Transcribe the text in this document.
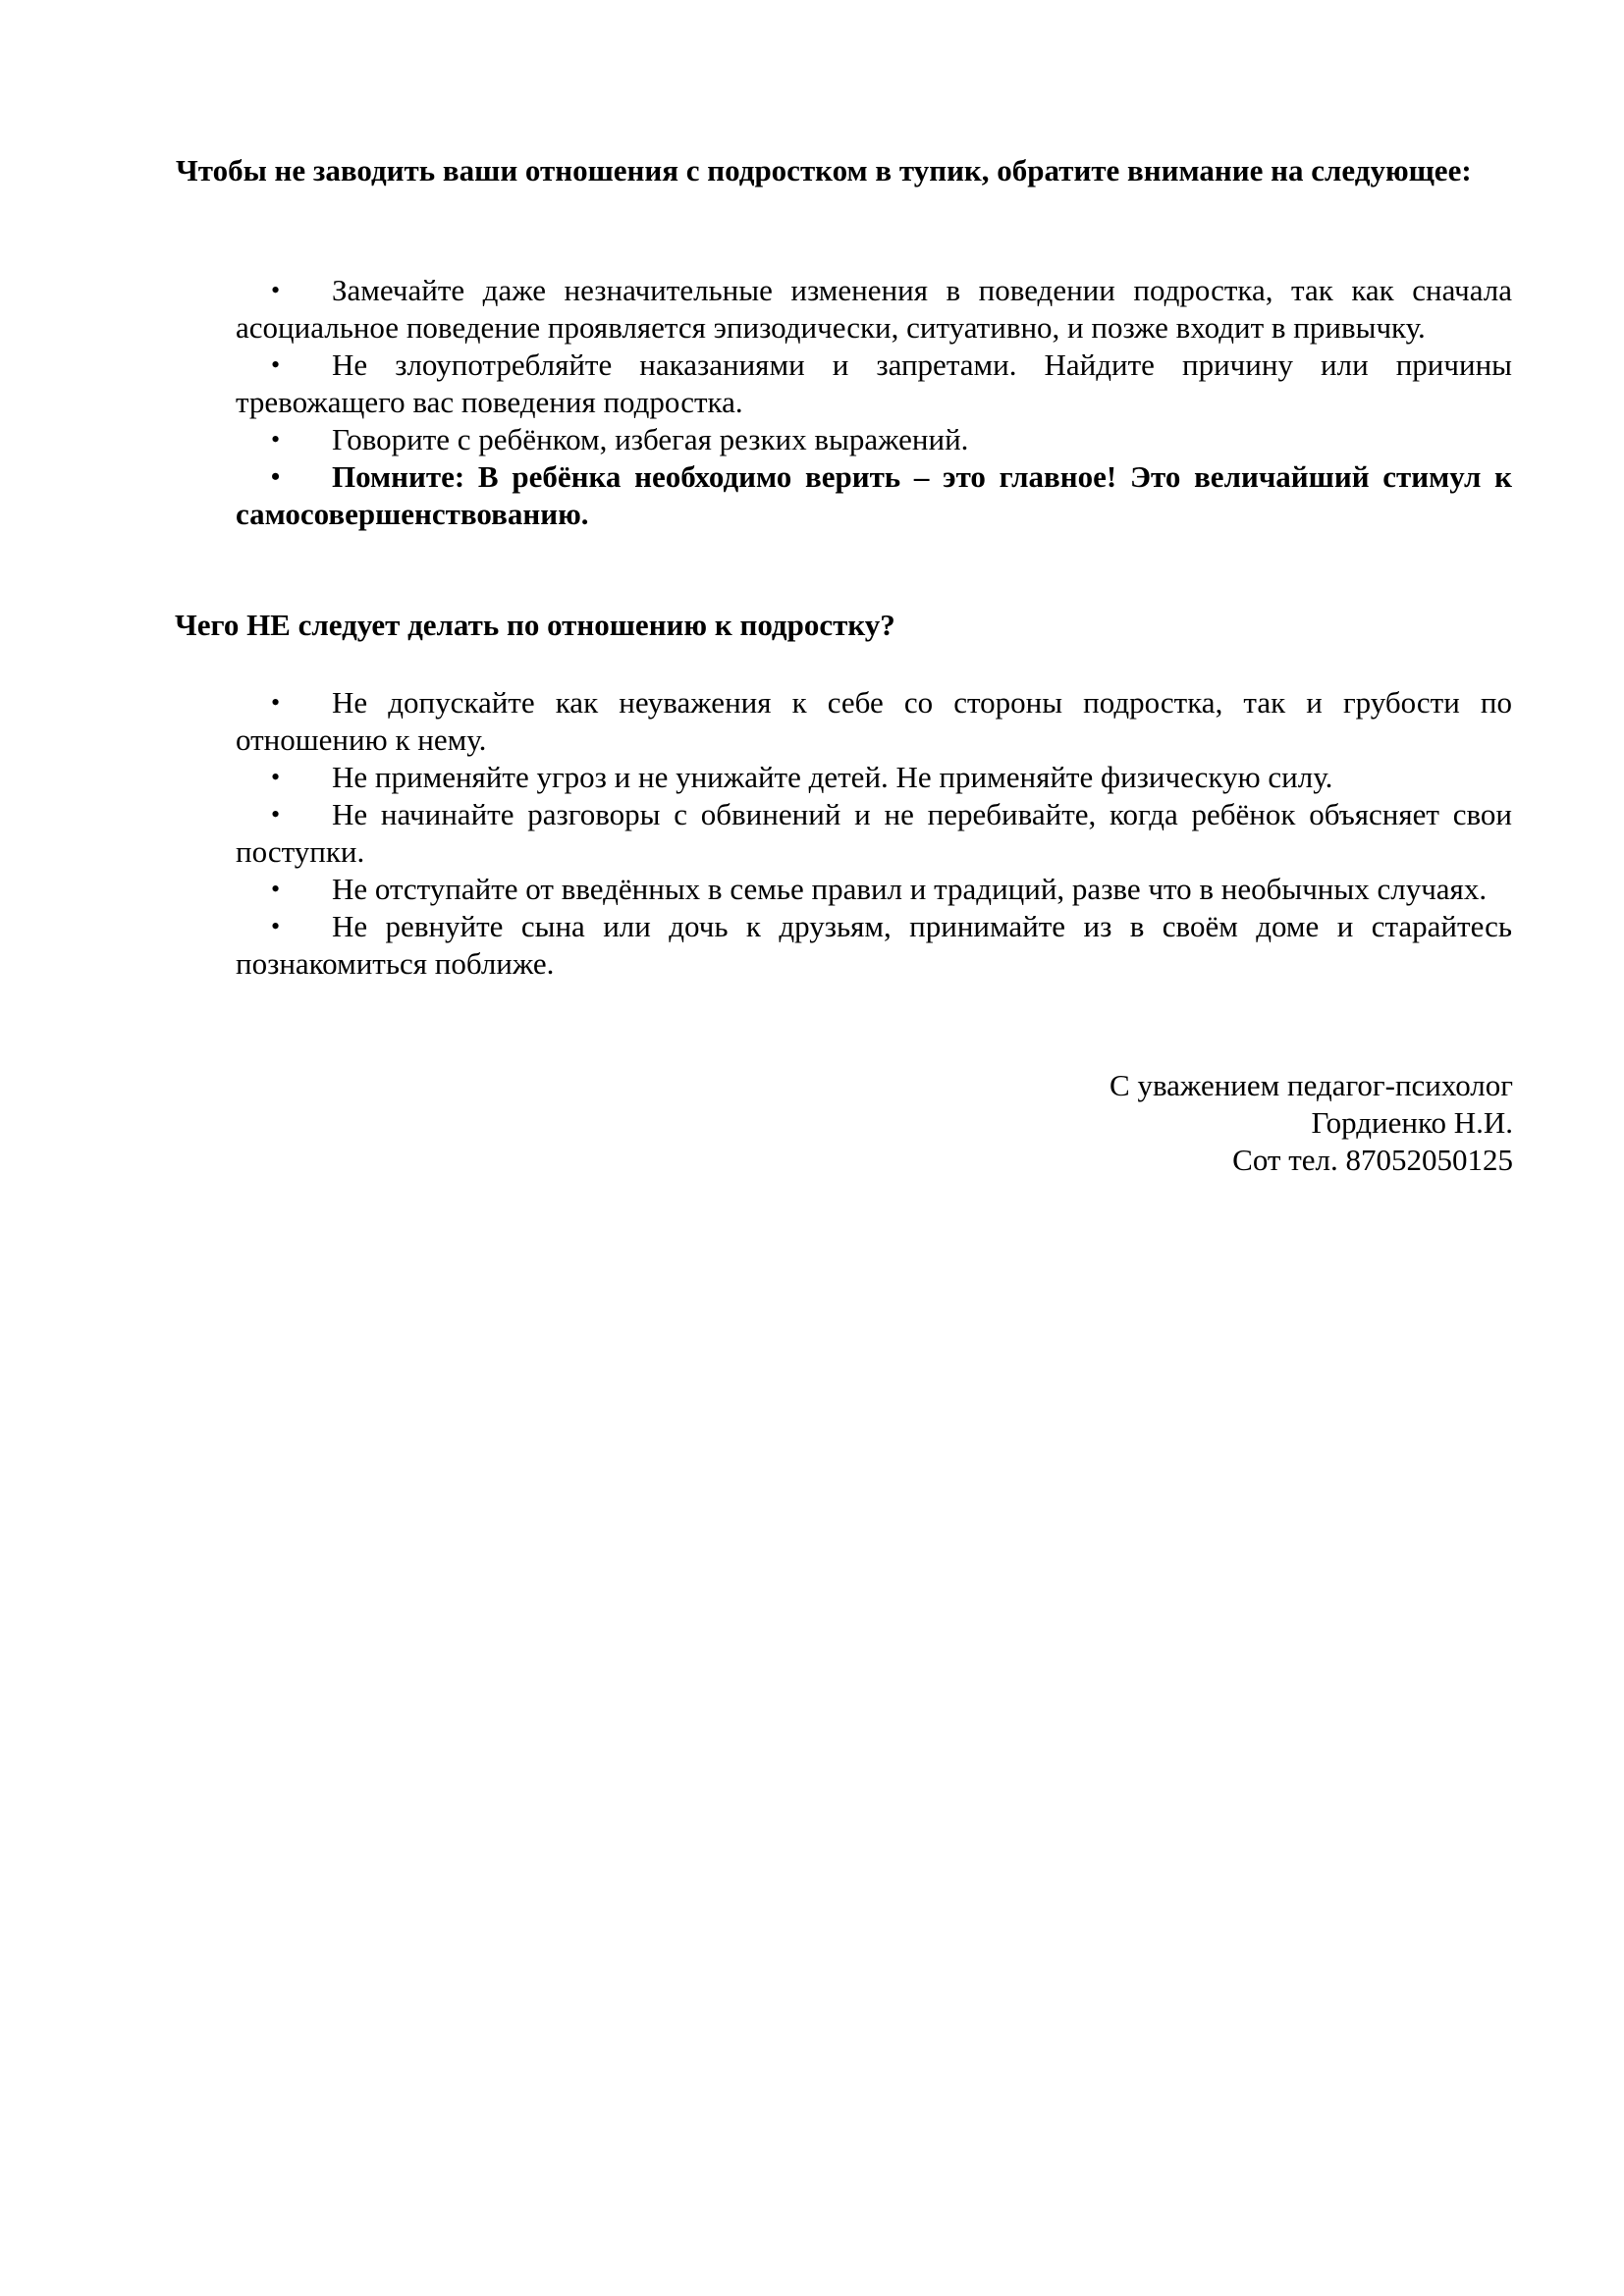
Чтобы не заводить ваши отношения с подростком в тупик, обратите внимание на следующее:

• Замечайте даже незначительные изменения в поведении подростка, так как сначала асоциальное поведение проявляется эпизодически, ситуативно, и позже входит в привычку.
• Не злоупотребляйте наказаниями и запретами. Найдите причину или причины тревожащего вас поведения подростка.
• Говорите с ребёнком, избегая резких выражений.
• Помните: В ребёнка необходимо верить – это главное! Это величайший стимул к самосовершенствованию.

Чего НЕ следует делать по отношению к подростку?

• Не допускайте как неуважения к себе со стороны подростка, так и грубости по отношению к нему.
• Не применяйте угроз и не унижайте детей. Не применяйте физическую силу.
• Не начинайте разговоры с обвинений и не перебивайте, когда ребёнок объясняет свои поступки.
• Не отступайте от введённых в семье правил и традиций, разве что в необычных случаях.
• Не ревнуйте сына или дочь к друзьям, принимайте из в своём доме и старайтесь познакомиться поближе.
С уважением педагог-психолог
Гордиенко Н.И.
Сот тел. 87052050125
